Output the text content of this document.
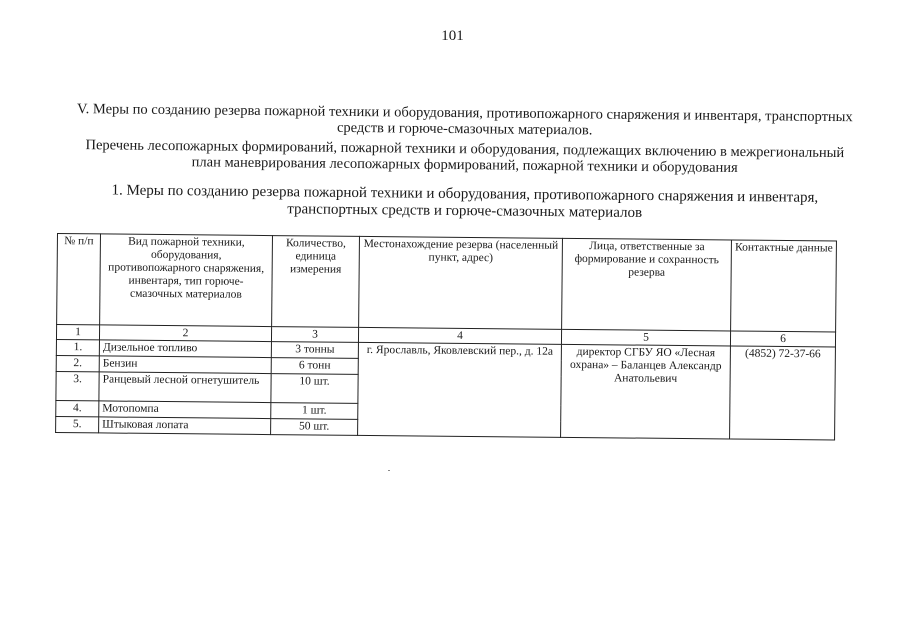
101
V. Меры по созданию резерва пожарной техники и оборудования, противопожарного снаряжения и инвентаря, транспортных средств и горюче-смазочных материалов.
Перечень лесопожарных формирований, пожарной техники и оборудования, подлежащих включению в межрегиональный план маневрирования лесопожарных формирований, пожарной техники и оборудования
1. Меры по созданию резерва пожарной техники и оборудования, противопожарного снаряжения и инвентаря, транспортных средств и горюче-смазочных материалов
№ п/п	Вид пожарной техники, оборудования, противопожарного снаряжения, инвентаря, тип горюче-смазочных материалов	Количество, единица измерения	Местонахождение резерва (населенный пункт, адрес)	Лица, ответственные за формирование и сохранность резерва	Контактные данные
1	2	3	4	5	6
1.	Дизельное топливо	3 тонны	г. Ярославль, Яковлевский пер., д. 12а	директор СГБУ ЯО «Лесная охрана» – Баланцев Александр Анатольевич	(4852) 72-37-66
2.	Бензин	6 тонн			
3.	Ранцевый лесной огнетушитель	10 шт.			
4.	Мотопомпа	1 шт.			
5.	Штыковая лопата	50 шт.			
